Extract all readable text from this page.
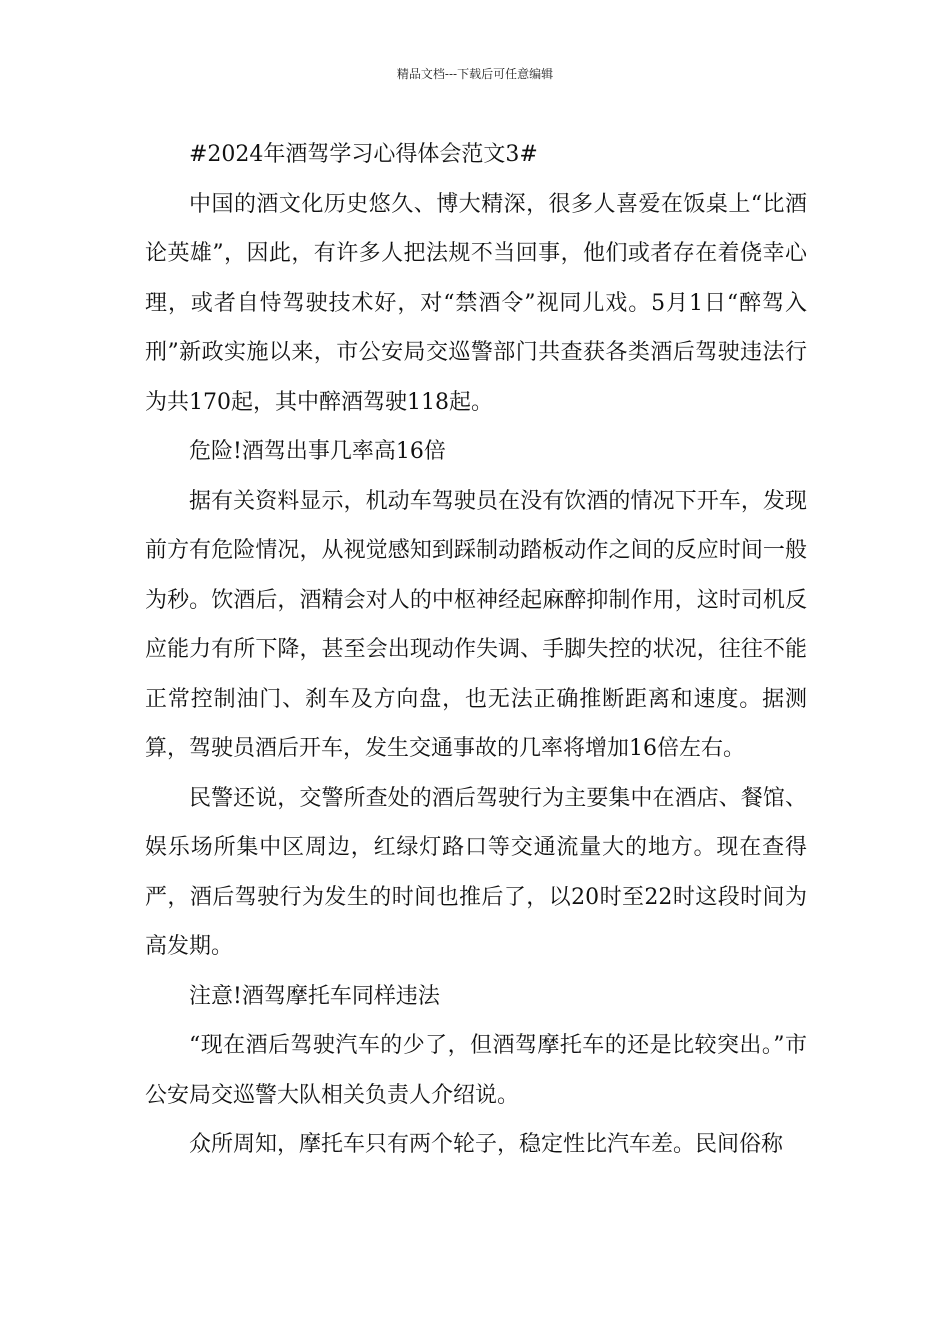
精品文档---下载后可任意编辑

#2024年酒驾学习心得体会范文3#

中国的酒文化历史悠久、博大精深，很多人喜爱在饭桌上“比酒论英雄”，因此，有许多人把法规不当回事，他们或者存在着侥幸心理，或者自恃驾驶技术好，对“禁酒令”视同儿戏。5月1日“醉驾入刑”新政实施以来，市公安局交巡警部门共查获各类酒后驾驶违法行为共170起，其中醉酒驾驶118起。

危险!酒驾出事几率高16倍

据有关资料显示，机动车驾驶员在没有饮酒的情况下开车，发现前方有危险情况，从视觉感知到踩制动踏板动作之间的反应时间一般为秒。饮酒后，酒精会对人的中枢神经起麻醉抑制作用，这时司机反应能力有所下降，甚至会出现动作失调、手脚失控的状况，往往不能正常控制油门、刹车及方向盘，也无法正确推断距离和速度。据测算，驾驶员酒后开车，发生交通事故的几率将增加16倍左右。

民警还说，交警所查处的酒后驾驶行为主要集中在酒店、餐馆、娱乐场所集中区周边，红绿灯路口等交通流量大的地方。现在查得严，酒后驾驶行为发生的时间也推后了，以20时至22时这段时间为高发期。

注意!酒驾摩托车同样违法

“现在酒后驾驶汽车的少了，但酒驾摩托车的还是比较突出。”市公安局交巡警大队相关负责人介绍说。

众所周知，摩托车只有两个轮子，稳定性比汽车差。民间俗称
